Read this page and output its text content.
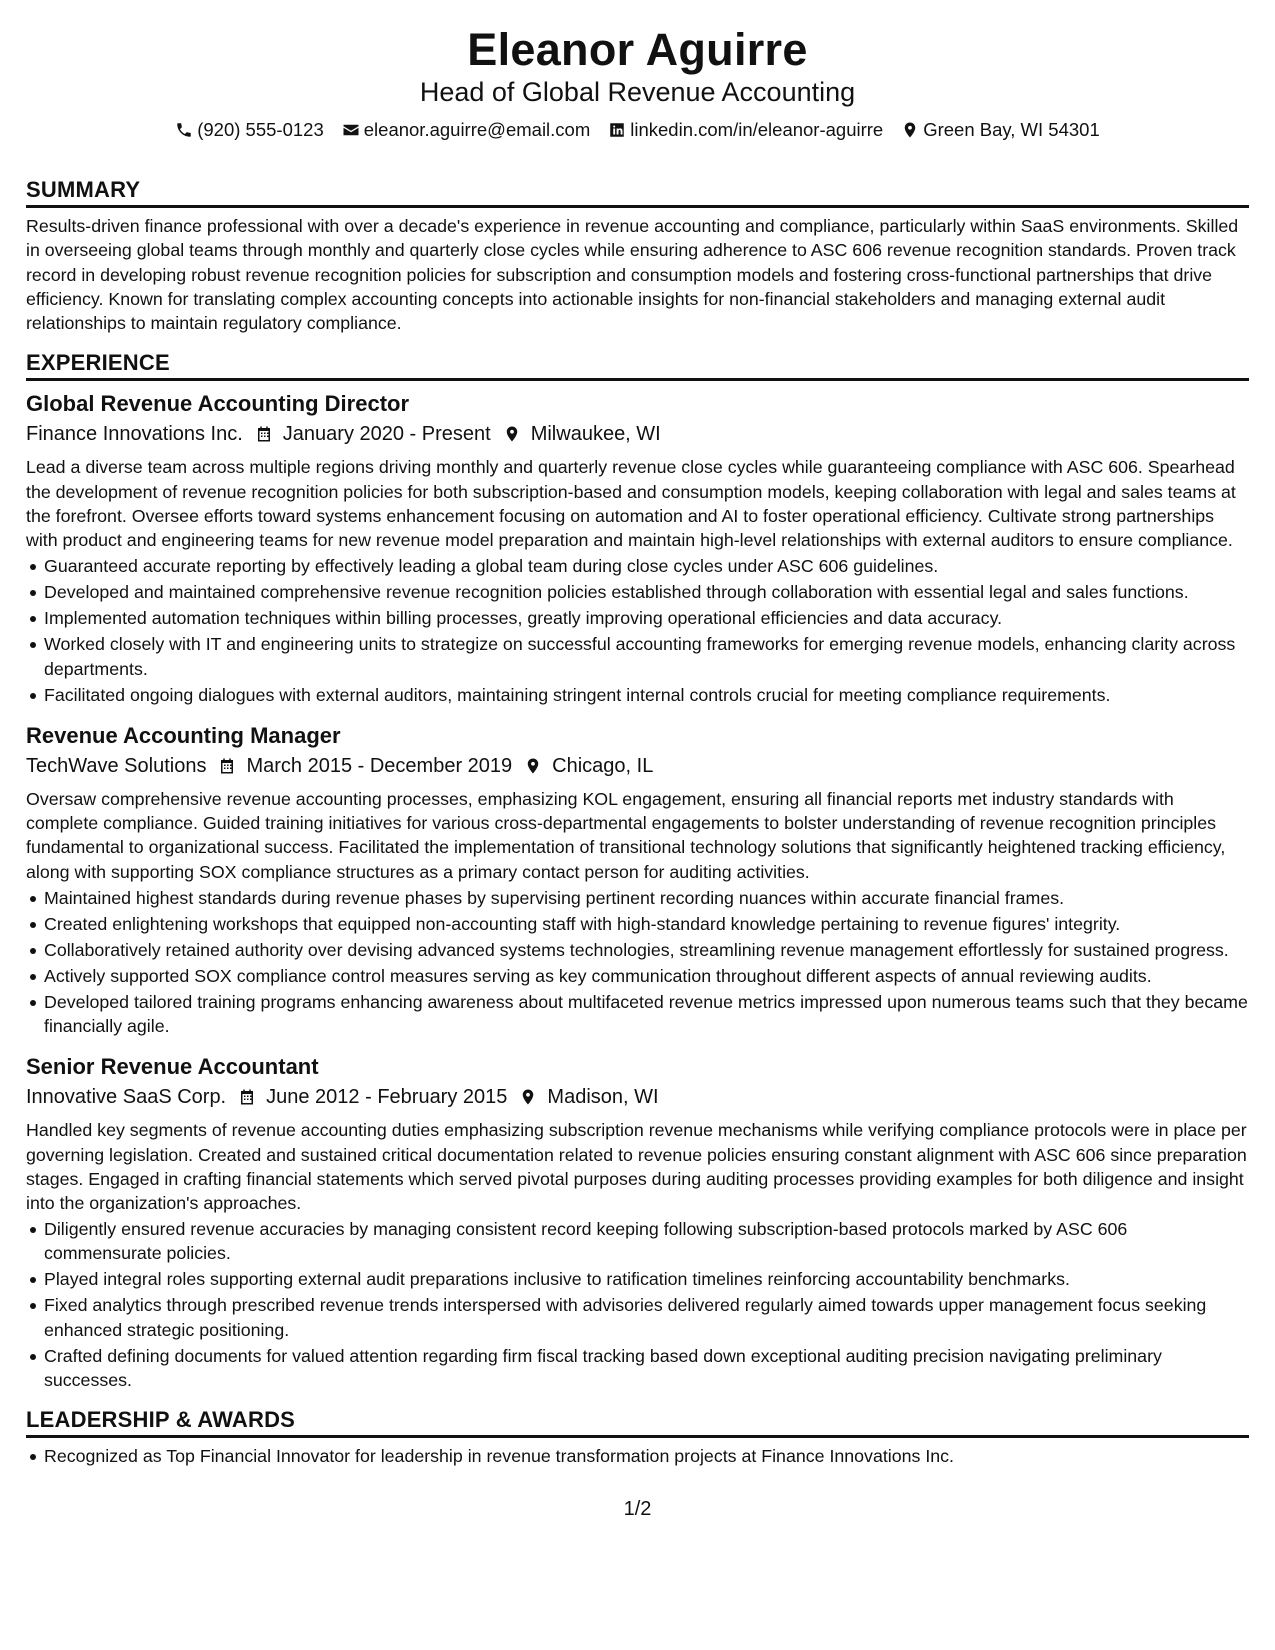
Eleanor Aguirre
Head of Global Revenue Accounting
(920) 555-0123 eleanor.aguirre@email.com linkedin.com/in/eleanor-aguirre Green Bay, WI 54301
SUMMARY

Results-driven finance professional with over a decade's experience in revenue accounting and compliance, particularly within SaaS environments. Skilled in overseeing global teams through monthly and quarterly close cycles while ensuring adherence to ASC 606 revenue recognition standards. Proven track record in developing robust revenue recognition policies for subscription and consumption models and fostering cross-functional partnerships that drive efficiency. Known for translating complex accounting concepts into actionable insights for non-financial stakeholders and managing external audit relationships to maintain regulatory compliance.

EXPERIENCE
Global Revenue Accounting Director
Finance Innovations Inc. January 2020 - Present Milwaukee, WI

Lead a diverse team across multiple regions driving monthly and quarterly revenue close cycles while guaranteeing compliance with ASC 606. Spearhead the development of revenue recognition policies for both subscription-based and consumption models, keeping collaboration with legal and sales teams at the forefront. Oversee efforts toward systems enhancement focusing on automation and AI to foster operational efficiency. Cultivate strong partnerships with product and engineering teams for new revenue model preparation and maintain high-level relationships with external auditors to ensure compliance.

Guaranteed accurate reporting by effectively leading a global team during close cycles under ASC 606 guidelines.
Developed and maintained comprehensive revenue recognition policies established through collaboration with essential legal and sales functions.
Implemented automation techniques within billing processes, greatly improving operational efficiencies and data accuracy.
Worked closely with IT and engineering units to strategize on successful accounting frameworks for emerging revenue models, enhancing clarity across departments.
Facilitated ongoing dialogues with external auditors, maintaining stringent internal controls crucial for meeting compliance requirements.
Revenue Accounting Manager
TechWave Solutions March 2015 - December 2019 Chicago, IL

Oversaw comprehensive revenue accounting processes, emphasizing KOL engagement, ensuring all financial reports met industry standards with complete compliance. Guided training initiatives for various cross-departmental engagements to bolster understanding of revenue recognition principles fundamental to organizational success. Facilitated the implementation of transitional technology solutions that significantly heightened tracking efficiency, along with supporting SOX compliance structures as a primary contact person for auditing activities.

Maintained highest standards during revenue phases by supervising pertinent recording nuances within accurate financial frames.
Created enlightening workshops that equipped non-accounting staff with high-standard knowledge pertaining to revenue figures' integrity.
Collaboratively retained authority over devising advanced systems technologies, streamlining revenue management effortlessly for sustained progress.
Actively supported SOX compliance control measures serving as key communication throughout different aspects of annual reviewing audits.
Developed tailored training programs enhancing awareness about multifaceted revenue metrics impressed upon numerous teams such that they became financially agile.
Senior Revenue Accountant
Innovative SaaS Corp. June 2012 - February 2015 Madison, WI

Handled key segments of revenue accounting duties emphasizing subscription revenue mechanisms while verifying compliance protocols were in place per governing legislation. Created and sustained critical documentation related to revenue policies ensuring constant alignment with ASC 606 since preparation stages. Engaged in crafting financial statements which served pivotal purposes during auditing processes providing examples for both diligence and insight into the organization's approaches.

Diligently ensured revenue accuracies by managing consistent record keeping following subscription-based protocols marked by ASC 606 commensurate policies.
Played integral roles supporting external audit preparations inclusive to ratification timelines reinforcing accountability benchmarks.
Fixed analytics through prescribed revenue trends interspersed with advisories delivered regularly aimed towards upper management focus seeking enhanced strategic positioning.
Crafted defining documents for valued attention regarding firm fiscal tracking based down exceptional auditing precision navigating preliminary successes.
LEADERSHIP & AWARDS
Recognized as Top Financial Innovator for leadership in revenue transformation projects at Finance Innovations Inc.
1/2
